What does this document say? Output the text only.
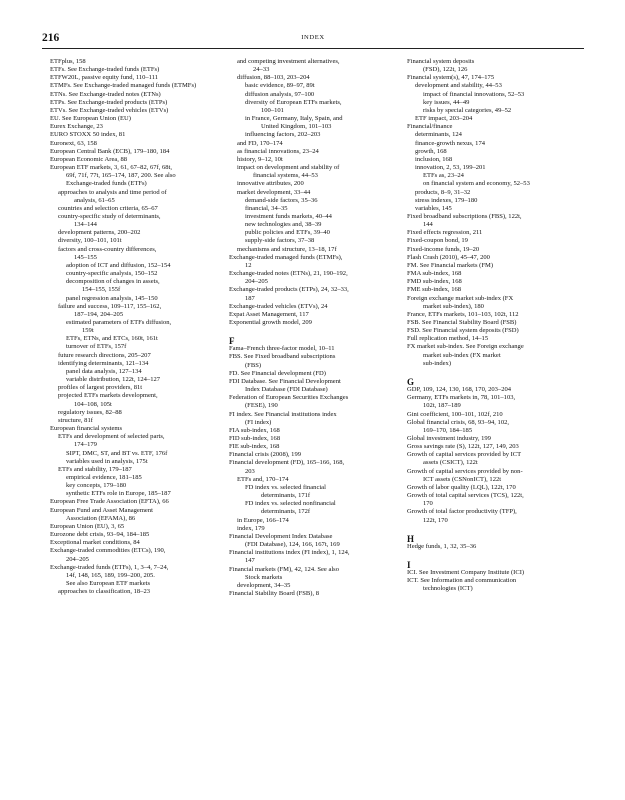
216	INDEX
ETFplus, 158
ETFs. See Exchange-traded funds (ETFs)
ETFW20L, passive equity fund, 110–111
ETMFs. See Exchange-traded managed funds (ETMFs)
ETNs. See Exchange-traded notes (ETNs)
ETPs. See Exchange-traded products (ETPs)
ETVs. See Exchange-traded vehicles (ETVs)
EU. See European Union (EU)
Eurex Exchange, 23
EURO STOXX 50 index, 81
Euronext, 63, 158
European Central Bank (ECB), 179–180, 184
European Economic Area, 88
European ETF markets, 3, 61, 67–82, 67f, 68t,
69f, 71f, 77t, 165–174, 187, 200. See also
Exchange-traded funds (ETFs)
approaches to analysis and time period of
analysis, 61–65
countries and selection criteria, 65–67
country-specific study of determinants,
134–144
development patterns, 200–202
diversity, 100–101, 101t
factors and cross-country differences,
145–155
adoption of ICT and diffusion, 152–154
country-specific analysis, 150–152
decomposition of changes in assets,
154–155, 155f
panel regression analysis, 145–150
failure and success, 109–117, 155–162,
187–194, 204–205
estimated parameters of ETFs diffusion,
159t
ETFs, ETNs, and ETCs, 160t, 161t
turnover of ETFs, 157f
future research directions, 205–207
identifying determinants, 121–134
panel data analysis, 127–134
variable distribution, 122t, 124–127
profiles of largest providers, 81t
projected ETFs markets development,
104–108, 105t
regulatory issues, 82–88
structure, 81f
European financial systems
ETFs and development of selected parts,
174–179
SIPT, DMC, ST, and BT vs. ETF, 176f
variables used in analysis, 175t
ETFs and stability, 179–187
empirical evidence, 181–185
key concepts, 179–180
synthetic ETFs role in Europe, 185–187
European Free Trade Association (EFTA), 66
European Fund and Asset Management
Association (EFAMA), 86
European Union (EU), 3, 65
Eurozone debt crisis, 93–94, 184–185
Exceptional market conditions, 84
Exchange-traded commodities (ETCs), 190,
204–205
Exchange-traded funds (ETFs), 1, 3–4, 7–24,
14f, 148, 165, 189, 199–200, 205.
See also European ETF markets
approaches to classification, 18–23
and competing investment alternatives,
24–33
diffusion, 88–103, 203–204
basic evidence, 89–97, 89t
diffusion analysis, 97–100
diversity of European ETFs markets,
100–101
in France, Germany, Italy, Spain, and
United Kingdom, 101–103
influencing factors, 202–203
and FD, 170–174
as financial innovations, 23–24
history, 9–12, 10t
impact on development and stability of
financial systems, 44–53
innovative attributes, 200
market development, 33–44
demand-side factors, 35–36
financial, 34–35
investment funds markets, 40–44
new technologies and, 38–39
public policies and ETFs, 39–40
supply-side factors, 37–38
mechanisms and structure, 13–18, 17f
Exchange-traded managed funds (ETMFs),
12
Exchange-traded notes (ETNs), 21, 190–192,
204–205
Exchange-traded products (ETPs), 24, 32–33,
187
Exchange-traded vehicles (ETVs), 24
Expat Asset Management, 117
Exponential growth model, 209
F
Fama–French three-factor model, 10–11
FBS. See Fixed broadband subscriptions
(FBS)
FD. See Financial development (FD)
FDI Database. See Financial Development
Index Database (FDI Database)
Federation of European Securities Exchanges
(FESE), 190
FI index. See Financial institutions index
(FI index)
FIA sub-index, 168
FID sub-index, 168
FIE sub-index, 168
Financial crisis (2008), 199
Financial development (FD), 165–166, 168,
203
ETFs and, 170–174
FD index vs. selected financial
determinants, 171f
FD index vs. selected nonfinancial
determinants, 172f
in Europe, 166–174
index, 179
Financial Development Index Database
(FDI Database), 124, 166, 167t, 169
Financial institutions index (FI index), 1, 124,
147
Financial markets (FM), 42, 124. See also
Stock markets
development, 34–35
Financial Stability Board (FSB), 8
Financial system deposits
(FSD), 122t, 126
Financial system(s), 47, 174–175
development and stability, 44–53
impact of financial innovations, 52–53
key issues, 44–49
risks by special categories, 49–52
ETF impact, 203–204
Financial/finance
determinants, 124
finance-growth nexus, 174
growth, 168
inclusion, 168
innovation, 2, 53, 199–201
ETFs as, 23–24
on financial system and economy, 52–53
products, 8–9, 31–32
stress indexes, 179–180
variables, 145
Fixed broadband subscriptions (FBS), 122t,
144
Fixed effects regression, 211
Fixed-coupon bond, 19
Fixed-income funds, 19–20
Flash Crash (2010), 45–47, 200
FM. See Financial markets (FM)
FMA sub-index, 168
FMD sub-index, 168
FME sub-index, 168
Foreign exchange market sub-index (FX
market sub-index), 180
France, ETFs markets, 101–103, 102t, 112
FSB. See Financial Stability Board (FSB)
FSD. See Financial system deposits (FSD)
Full replication method, 14–15
FX market sub-index. See Foreign exchange
market sub-index (FX market
sub-index)
G
GDP, 109, 124, 130, 168, 170, 203–204
Germany, ETFs markets in, 78, 101–103,
102t, 187–189
Gini coefficient, 100–101, 102f, 210
Global financial crisis, 68, 93–94, 102,
169–170, 184–185
Global investment industry, 199
Gross savings rate (S), 122t, 127, 149, 203
Growth of capital services provided by ICT
assets (CSICT), 122t
Growth of capital services provided by non-
ICT assets (CSNonICT), 122t
Growth of labor quality (LQL), 122t, 170
Growth of total capital services (TCS), 122t,
170
Growth of total factor productivity (TFP),
122t, 170
H
Hedge funds, 1, 32, 35–36
I
ICI. See Investment Company Institute (ICI)
ICT. See Information and communication
technologies (ICT)
